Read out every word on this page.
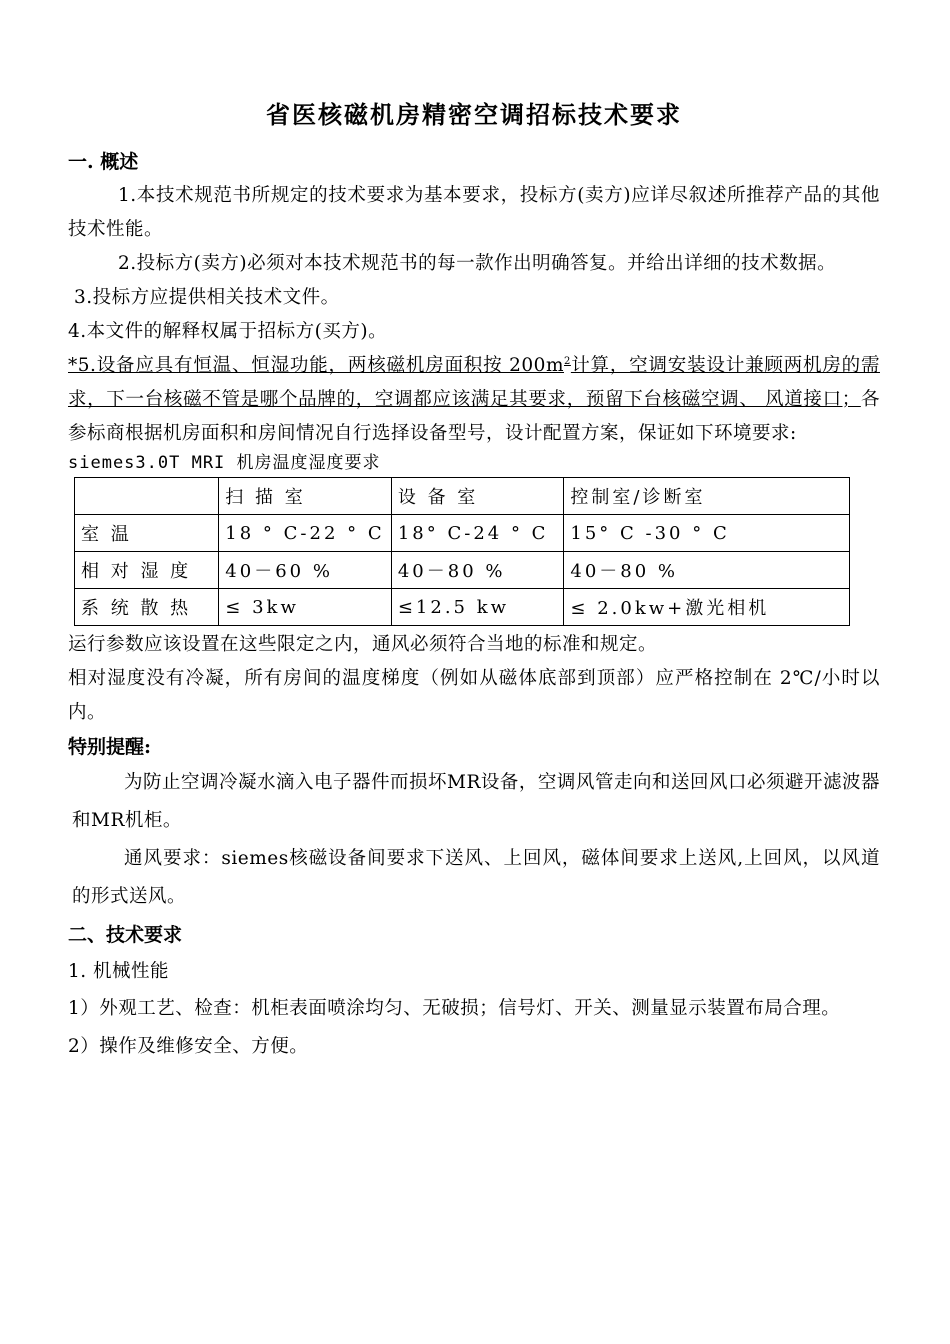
省医核磁机房精密空调招标技术要求
一. 概述

1.本技术规范书所规定的技术要求为基本要求，投标方(卖方)应详尽叙述所推荐产品的其他技术性能。

2.投标方(卖方)必须对本技术规范书的每一款作出明确答复。并给出详细的技术数据。

3.投标方应提供相关技术文件。

4.本文件的解释权属于招标方(买方)。

*5.设备应具有恒温、恒湿功能，两核磁机房面积按 $200m^2$计算，空调安装设计兼顾两机房的需求，下一台核磁不管是哪个品牌的，空调都应该满足其要求，预留下台核磁空调、 风道接口；各参标商根据机房面积和房间情况自行选择设备型号，设计配置方案，保证如下环境要求:

siemes3.0T MRI 机房温度湿度要求

	扫 描 室	设 备 室	控制室/诊断室
室 温	18 ° C-22 ° C	18° C-24 ° C	15° C -30 ° C
相 对 湿 度	40－60 %	40－80 %	40－80 %
系 统 散 热	≤ 3kw	≤12.5 kw	≤ 2.0kw+激光相机

运行参数应该设置在这些限定之内，通风必须符合当地的标准和规定。

相对湿度没有冷凝，所有房间的温度梯度（例如从磁体底部到顶部）应严格控制在 2℃/小时以内。

特别提醒:

为防止空调冷凝水滴入电子器件而损坏MR设备，空调风管走向和送回风口必须避开滤波器和MR机柜。

通风要求：siemes核磁设备间要求下送风、上回风，磁体间要求上送风,上回风，以风道的形式送风。

二、技术要求

1. 机械性能

1）外观工艺、检查：机柜表面喷涂均匀、无破损；信号灯、开关、测量显示装置布局合理。

2）操作及维修安全、方便。
